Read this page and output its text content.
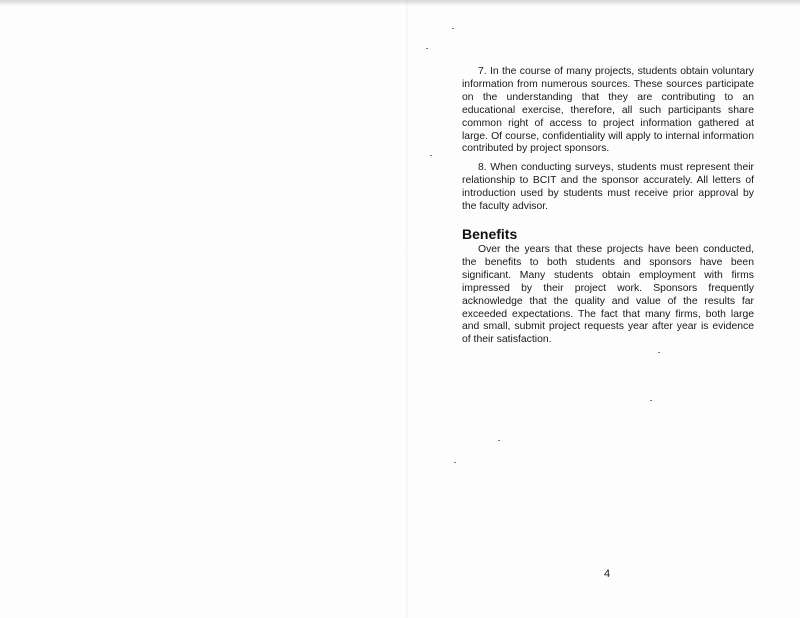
7. In the course of many projects, students obtain voluntary information from numerous sources. These sources participate on the understanding that they are contributing to an educational exercise, therefore, all such participants share common right of access to project information gathered at large. Of course, confidentiality will apply to internal information contributed by project sponsors.

8. When conducting surveys, students must represent their relationship to BCIT and the sponsor accurately. All letters of introduction used by students must receive prior approval by the faculty advisor.

Benefits

Over the years that these projects have been conducted, the benefits to both students and sponsors have been significant. Many students obtain employment with firms impressed by their project work. Sponsors frequently acknowledge that the quality and value of the results far exceeded expectations. The fact that many firms, both large and small, submit project requests year after year is evidence of their satisfaction.

4
